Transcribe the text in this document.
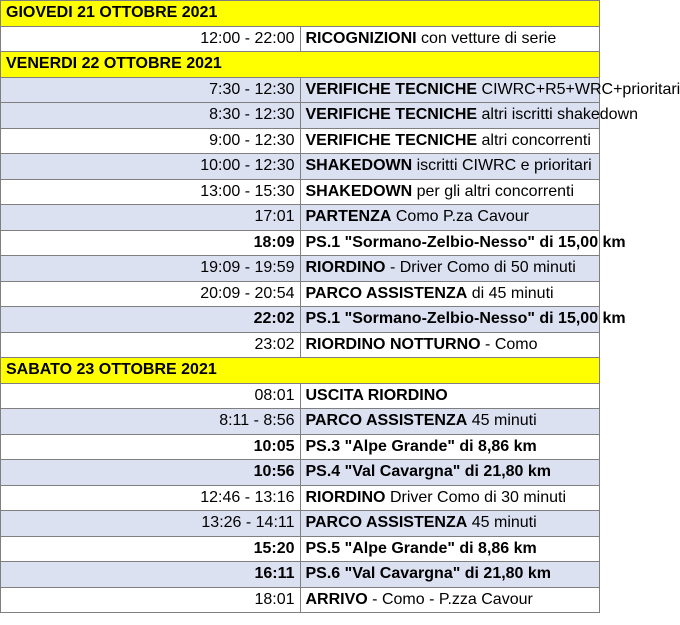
GIOVEDI 21 OTTOBRE 2021	
12:00 - 22:00	RICOGNIZIONI con vetture di serie
VENERDI 22 OTTOBRE 2021	
7:30 - 12:30	VERIFICHE TECNICHE CIWRC+R5+WRC+prioritari
8:30 - 12:30	VERIFICHE TECNICHE altri iscritti shakedown
9:00 - 12:30	VERIFICHE TECNICHE altri concorrenti
10:00 - 12:30	SHAKEDOWN iscritti CIWRC e prioritari
13:00 - 15:30	SHAKEDOWN per gli altri concorrenti
17:01	PARTENZA Como P.za Cavour
18:09	PS.1 "Sormano-Zelbio-Nesso" di 15,00 km
19:09 - 19:59	RIORDINO - Driver Como di 50 minuti
20:09 - 20:54	PARCO ASSISTENZA di 45 minuti
22:02	PS.1 "Sormano-Zelbio-Nesso" di 15,00 km
23:02	RIORDINO NOTTURNO - Como
SABATO 23 OTTOBRE 2021	
08:01	USCITA RIORDINO
8:11 - 8:56	PARCO ASSISTENZA 45 minuti
10:05	PS.3 "Alpe Grande" di 8,86 km
10:56	PS.4 "Val Cavargna" di 21,80 km
12:46 - 13:16	RIORDINO Driver Como di 30 minuti
13:26 - 14:11	PARCO ASSISTENZA 45 minuti
15:20	PS.5 "Alpe Grande" di 8,86 km
16:11	PS.6 "Val Cavargna" di 21,80 km
18:01	ARRIVO - Como - P.zza Cavour
